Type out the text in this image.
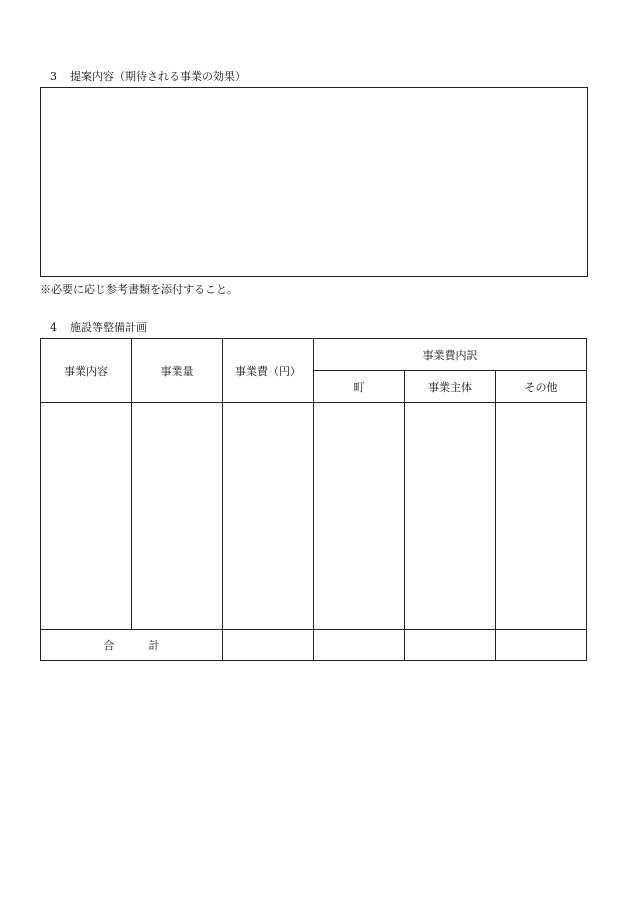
3 提案内容（期待される事業の効果）
※必要に応じ参考書類を添付すること。
4 施設等整備計画
事業内容	事業量	事業費（円）	事業費内訳		
			町	事業主体	その他

合 計					
